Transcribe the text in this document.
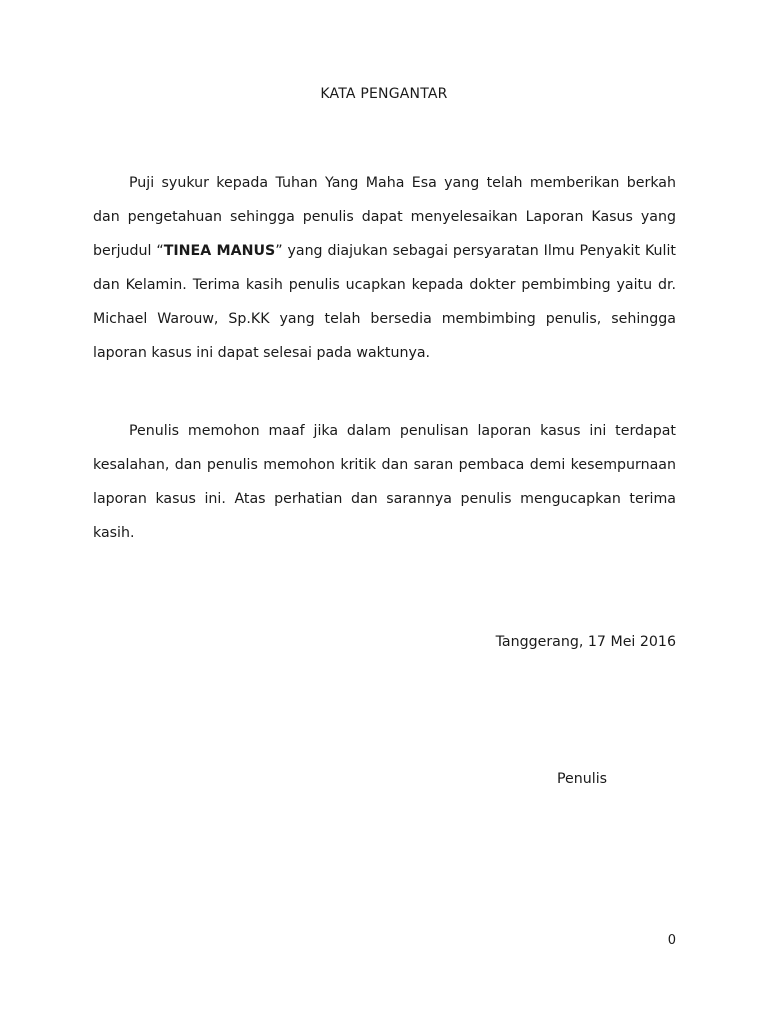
KATA PENGANTAR

Puji syukur kepada Tuhan Yang Maha Esa yang telah memberikan berkah dan pengetahuan sehingga penulis dapat menyelesaikan Laporan Kasus yang berjudul “TINEA MANUS” yang diajukan sebagai persyaratan Ilmu Penyakit Kulit dan Kelamin. Terima kasih penulis ucapkan kepada dokter pembimbing yaitu dr. Michael Warouw, Sp.KK yang telah bersedia membimbing penulis, sehingga laporan kasus ini dapat selesai pada waktunya.

Penulis memohon maaf jika dalam penulisan laporan kasus ini terdapat kesalahan, dan penulis memohon kritik dan saran pembaca demi kesempurnaan laporan kasus ini. Atas perhatian dan sarannya penulis mengucapkan terima kasih.

Tanggerang, 17 Mei 2016
Penulis
0
